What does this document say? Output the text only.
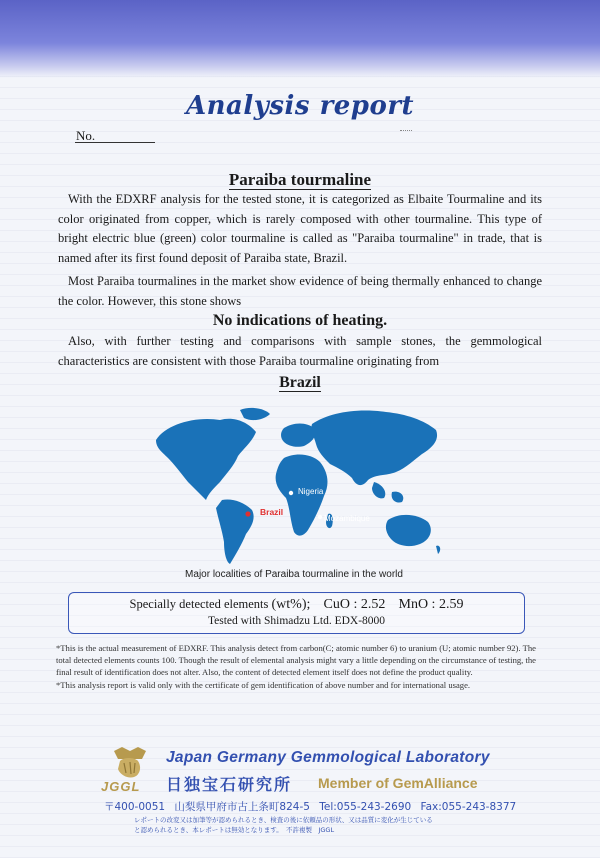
Analysis report
No.
Paraiba tourmaline
With the EDXRF analysis for the tested stone, it is categorized as Elbaite Tourmaline and its color originated from copper, which is rarely composed with other tourmaline. This type of bright electric blue (green) color tourmaline is called as "Paraiba tourmaline" in trade, that is named after its first found deposit of Paraiba state, Brazil.
Most Paraiba tourmalines in the market show evidence of being thermally enhanced to change the color. However, this stone shows
No indications of heating.
Also, with further testing and comparisons with sample stones, the gemmological characteristics are consistent with those Paraiba tourmaline originating from
Brazil
Brazil
Nigeria
Mozambique
Major localities of Paraiba tourmaline in the world
Specially detected elements (wt%); CuO : 2.52 MnO : 2.59
Tested with Shimadzu Ltd. EDX-8000

*This is the actual measurement of EDXRF. This analysis detect from carbon(C; atomic number 6) to uranium (U; atomic number 92). The total detected elements counts 100. Though the result of elemental analysis might vary a little depending on the circumstance of testing, the final result of identification does not alter. Also, the content of detected element itself does not define the product quality.

*This analysis report is valid only with the certificate of gem identification of above number and for international usage.

JGGL
Japan Germany Gemmological Laboratory
日独宝石研究所 Member of GemAlliance
〒400-0051 山梨県甲府市古上条町824-5 Tel:055-243-2690 Fax:055-243-8377
レポートの改変又は加筆等が認められるとき、検査の後に依頼品の形状、又は品質に変化が生じていると認められるとき、本レポートは無効となります。　不許複製　JGGL
